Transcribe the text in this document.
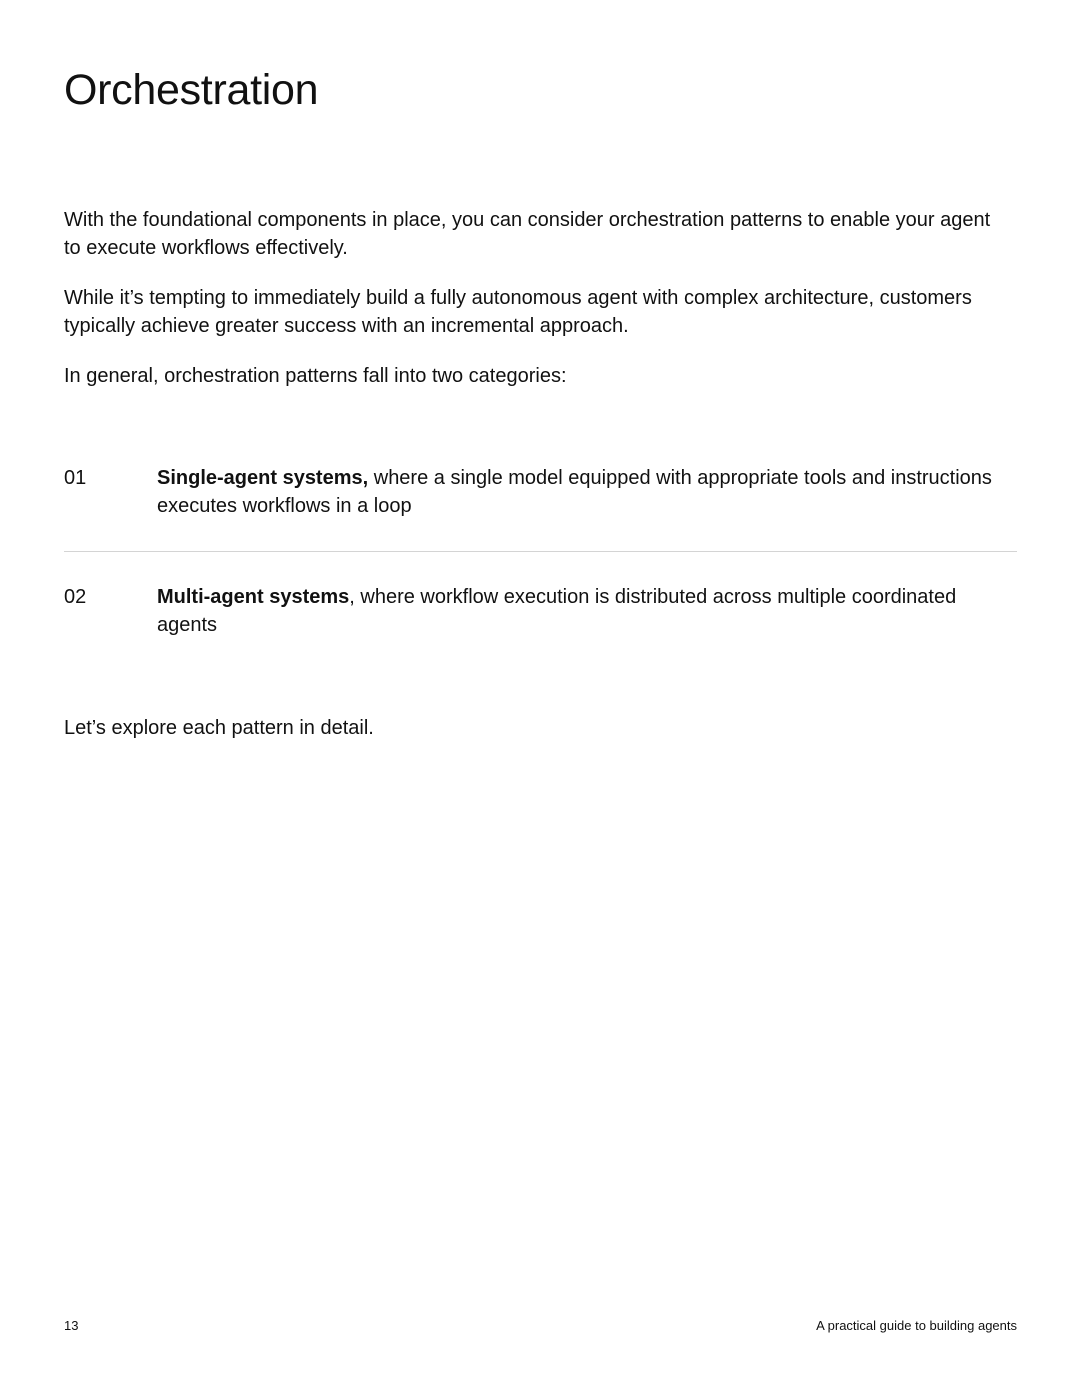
Orchestration

With the foundational components in place, you can consider orchestration patterns to enable your agent to execute workflows effectively.

While it’s tempting to immediately build a fully autonomous agent with complex architecture, customers typically achieve greater success with an incremental approach.

In general, orchestration patterns fall into two categories:

01	Single-agent systems, where a single model equipped with appropriate tools and instructions executes workflows in a loop
02	Multi-agent systems, where workflow execution is distributed across multiple coordinated agents

Let’s explore each pattern in detail.

13	A practical guide to building agents
